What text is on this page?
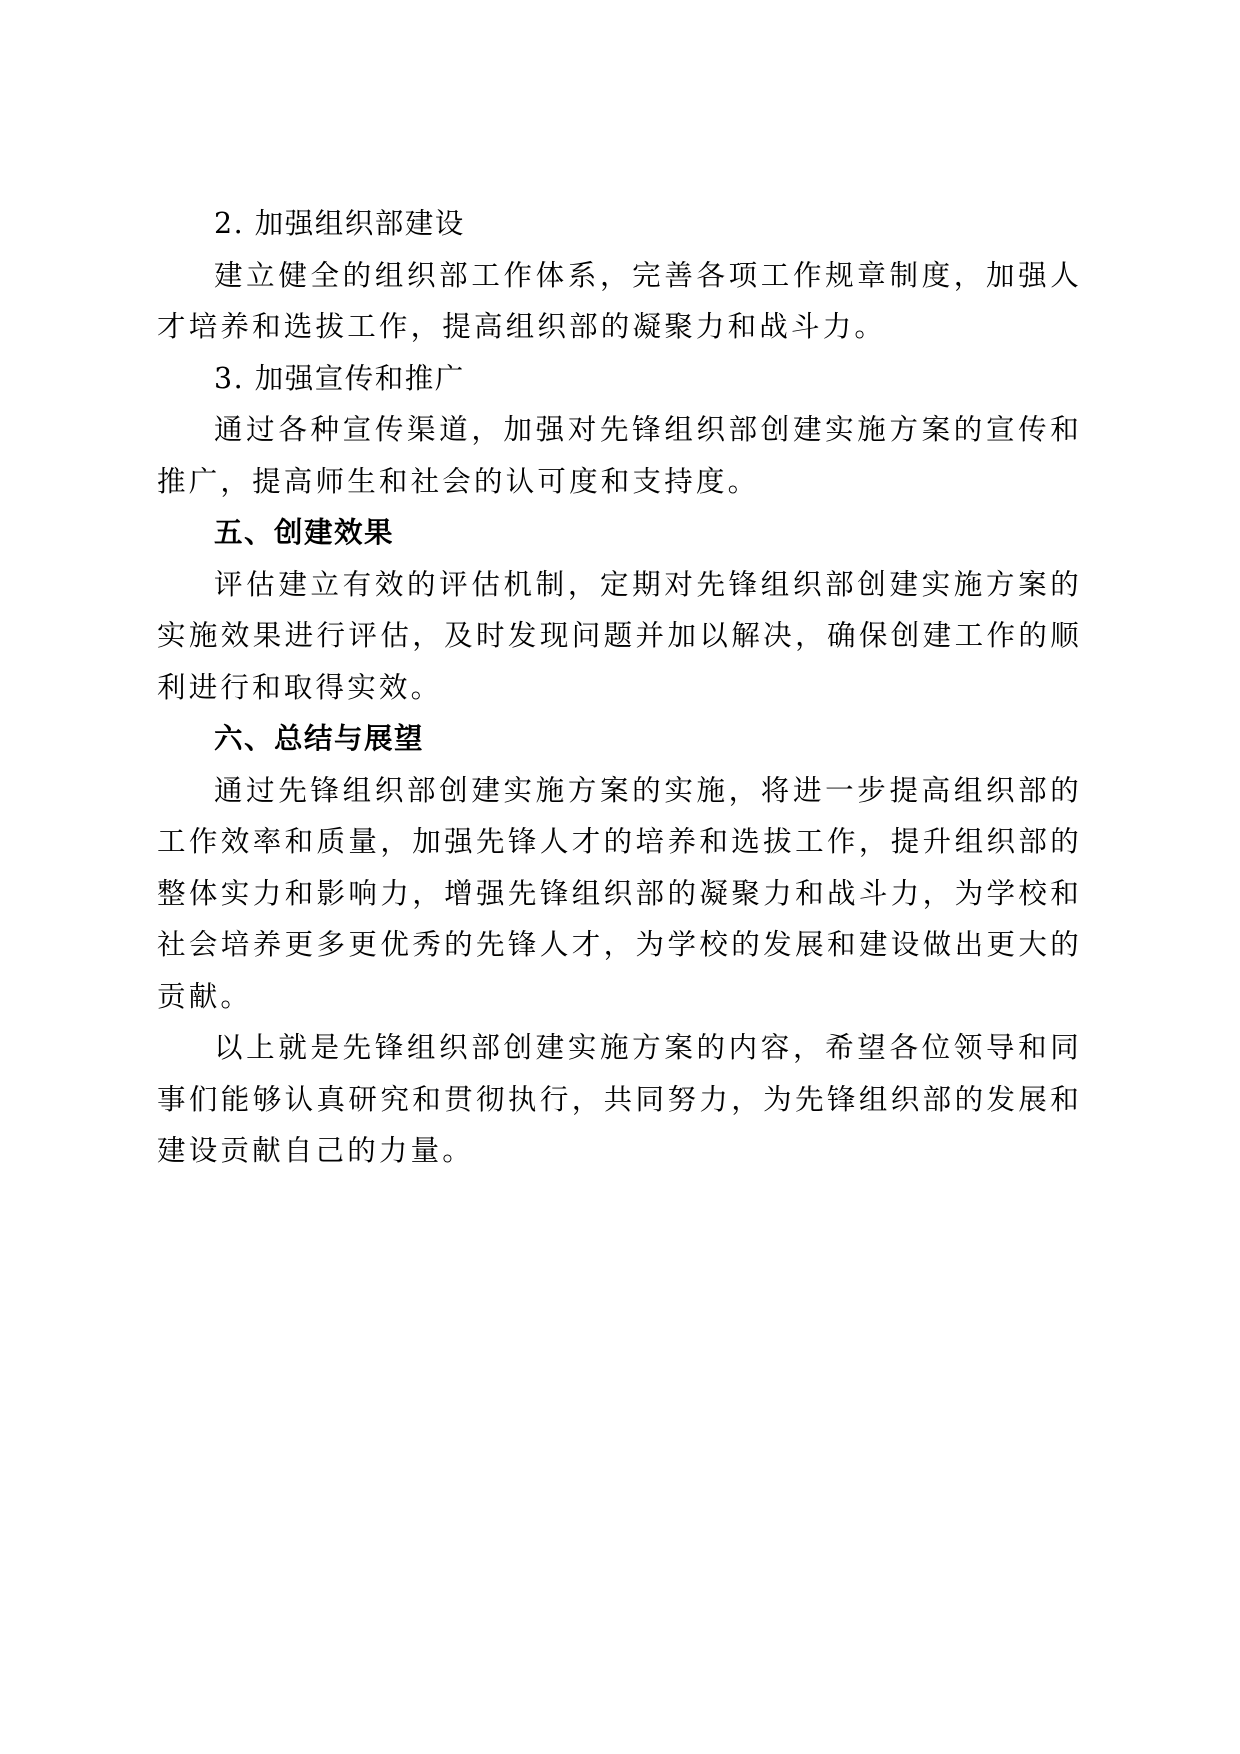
2. 加强组织部建设

建立健全的组织部工作体系，完善各项工作规章制度，加强人才培养和选拔工作，提高组织部的凝聚力和战斗力。

3. 加强宣传和推广

通过各种宣传渠道，加强对先锋组织部创建实施方案的宣传和推广，提高师生和社会的认可度和支持度。

五、创建效果

评估建立有效的评估机制，定期对先锋组织部创建实施方案的实施效果进行评估，及时发现问题并加以解决，确保创建工作的顺利进行和取得实效。

六、总结与展望

通过先锋组织部创建实施方案的实施，将进一步提高组织部的工作效率和质量，加强先锋人才的培养和选拔工作，提升组织部的整体实力和影响力，增强先锋组织部的凝聚力和战斗力，为学校和社会培养更多更优秀的先锋人才，为学校的发展和建设做出更大的贡献。

以上就是先锋组织部创建实施方案的内容，希望各位领导和同事们能够认真研究和贯彻执行，共同努力，为先锋组织部的发展和建设贡献自己的力量。
